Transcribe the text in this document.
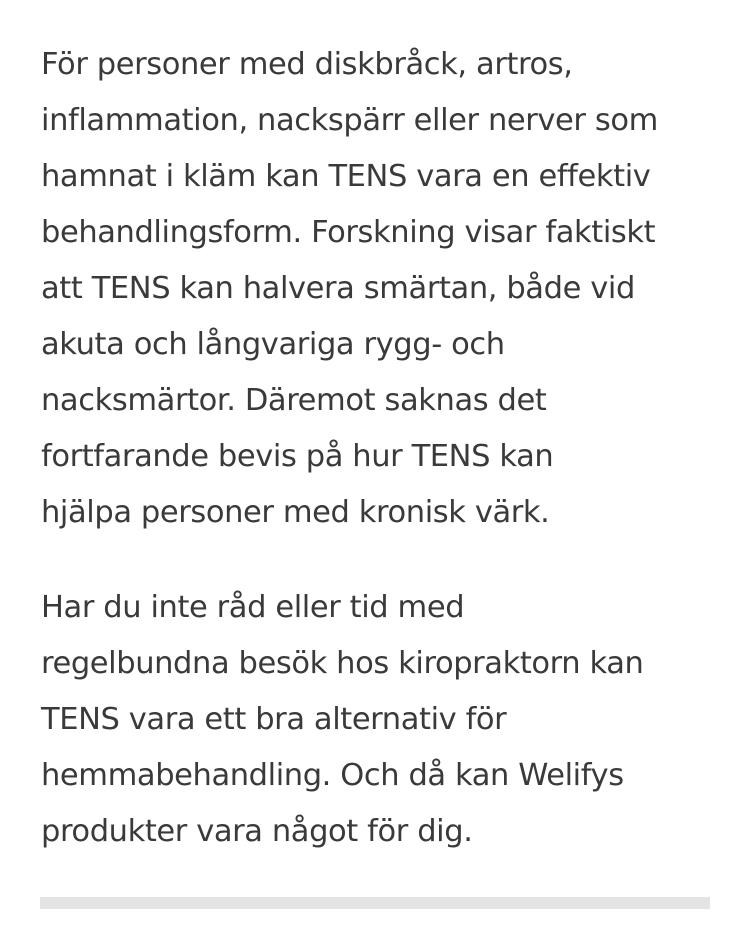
För personer med diskbråck, artros,
inflammation, nackspärr eller nerver som
hamnat i kläm kan TENS vara en effektiv
behandlingsform. Forskning visar faktiskt
att TENS kan halvera smärtan, både vid
akuta och långvariga rygg- och
nacksmärtor. Däremot saknas det
fortfarande bevis på hur TENS kan
hjälpa personer med kronisk värk.

Har du inte råd eller tid med
regelbundna besök hos kiropraktorn kan
TENS vara ett bra alternativ för
hemmabehandling. Och då kan Welifys
produkter vara något för dig.
